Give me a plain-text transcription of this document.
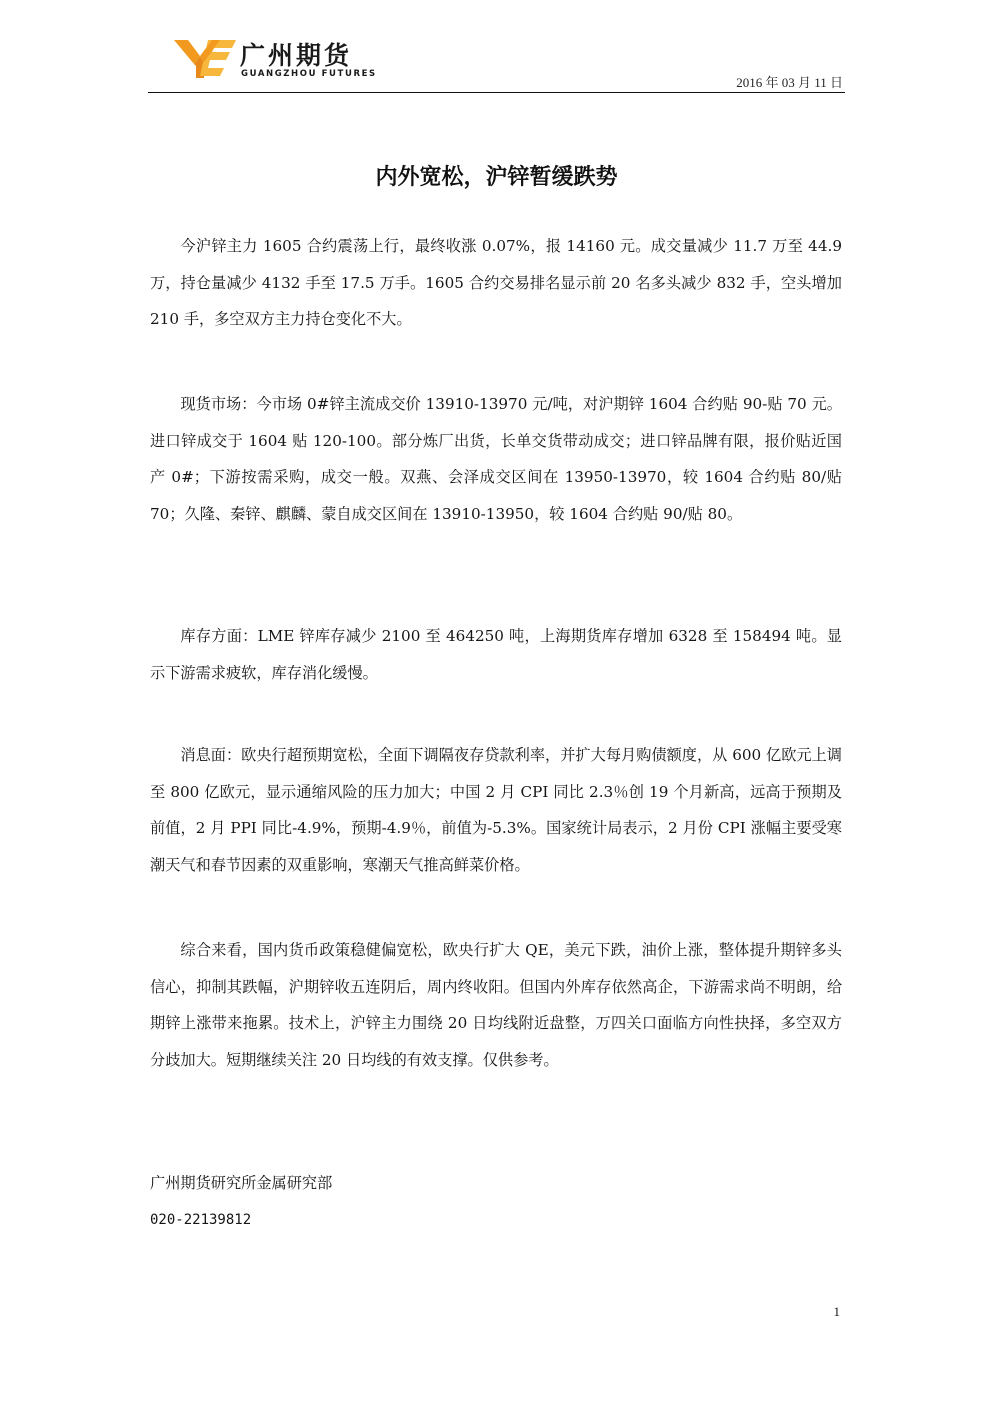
广州期货
GUANGZHOU FUTURES
2016 年 03 月 11 日
内外宽松，沪锌暂缓跌势

今沪锌主力 1605 合约震荡上行，最终收涨 0.07%，报 14160 元。成交量减少 11.7 万至 44.9 万，持仓量减少 4132 手至 17.5 万手。1605 合约交易排名显示前 20 名多头减少 832 手，空头增加 210 手，多空双方主力持仓变化不大。

现货市场：今市场 0#锌主流成交价 13910-13970 元/吨，对沪期锌 1604 合约贴 90-贴 70 元。进口锌成交于 1604 贴 120-100。部分炼厂出货，长单交货带动成交；进口锌品牌有限，报价贴近国产 0#；下游按需采购，成交一般。双燕、会泽成交区间在 13950-13970，较 1604 合约贴 80/贴 70；久隆、秦锌、麒麟、蒙自成交区间在 13910-13950，较 1604 合约贴 90/贴 80。

库存方面：LME 锌库存减少 2100 至 464250 吨，上海期货库存增加 6328 至 158494 吨。显示下游需求疲软，库存消化缓慢。

消息面：欧央行超预期宽松，全面下调隔夜存贷款利率，并扩大每月购债额度，从 600 亿欧元上调至 800 亿欧元，显示通缩风险的压力加大；中国 2 月 CPI 同比 2.3％创 19 个月新高，远高于预期及前值，2 月 PPI 同比-4.9%，预期-4.9％，前值为-5.3%。国家统计局表示，2 月份 CPI 涨幅主要受寒潮天气和春节因素的双重影响，寒潮天气推高鲜菜价格。

综合来看，国内货币政策稳健偏宽松，欧央行扩大 QE，美元下跌，油价上涨，整体提升期锌多头信心，抑制其跌幅，沪期锌收五连阴后，周内终收阳。但国内外库存依然高企，下游需求尚不明朗，给期锌上涨带来拖累。技术上，沪锌主力围绕 20 日均线附近盘整，万四关口面临方向性抉择，多空双方分歧加大。短期继续关注 20 日均线的有效支撑。仅供参考。

广州期货研究所金属研究部
020-22139812
1
